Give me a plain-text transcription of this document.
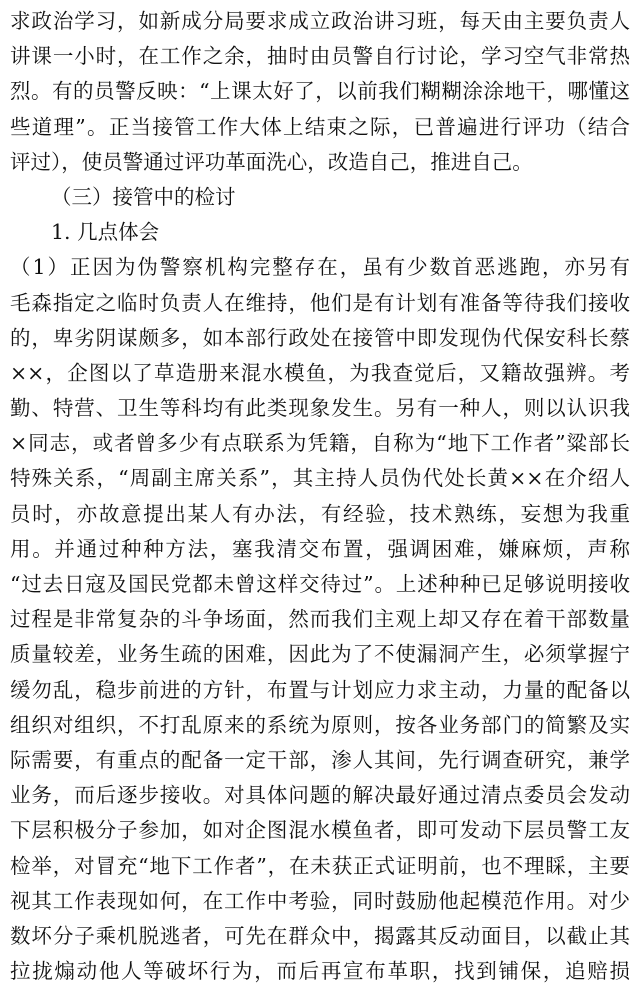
求政治学习，如新成分局要求成立政治讲习班，每天由主要负责人
讲课一小时，在工作之余，抽时由员警自行讨论，学习空气非常热
烈。有的员警反映：“上课太好了，以前我们糊糊涂涂地干，哪懂这
些道理”。正当接管工作大体上结束之际，已普遍进行评功（结合
评过），使员警通过评功革面洗心，改造自己，推进自己。
（三）接管中的检讨
1. 几点体会
（1）正因为伪警察机构完整存在，虽有少数首恶逃跑，亦另有
毛森指定之临时负责人在维持，他们是有计划有准备等待我们接收
的，卑劣阴谋颇多，如本部行政处在接管中即发现伪代保安科长蔡
××，企图以了草造册来混水模鱼，为我查觉后，又籍故强辨。考
勤、特营、卫生等科均有此类现象发生。另有一种人，则以认识我
×同志，或者曾多少有点联系为凭籍，自称为“地下工作者”粱部长
特殊关系，“周副主席关系”，其主持人员伪代处长黄××在介绍人
员时，亦故意提出某人有办法，有经验，技术熟练，妄想为我重
用。并通过种种方法，塞我清交布置，强调困难，嫌麻烦，声称
“过去日寇及国民党都未曾这样交待过”。上述种种已足够说明接收
过程是非常复杂的斗争场面，然而我们主观上却又存在着干部数量
质量较差，业务生疏的困难，因此为了不使漏洞产生，必须掌握宁
缓勿乱，稳步前进的方针，布置与计划应力求主动，力量的配备以
组织对组织，不打乱原来的系统为原则，按各业务部门的简繁及实
际需要，有重点的配备一定干部，渗人其间，先行调查研究，兼学
业务，而后逐步接收。对具体问题的解决最好通过清点委员会发动
下层积极分子参加，如对企图混水模鱼者，即可发动下层员警工友
检举，对冒充“地下工作者”，在未获正式证明前，也不理睬，主要
视其工作表现如何，在工作中考验，同时鼓励他起模范作用。对少
数坏分子乘机脱逃者，可先在群众中，揭露其反动面目，以截止其
拉拢煽动他人等破坏行为，而后再宣布革职，找到铺保，追赔损
